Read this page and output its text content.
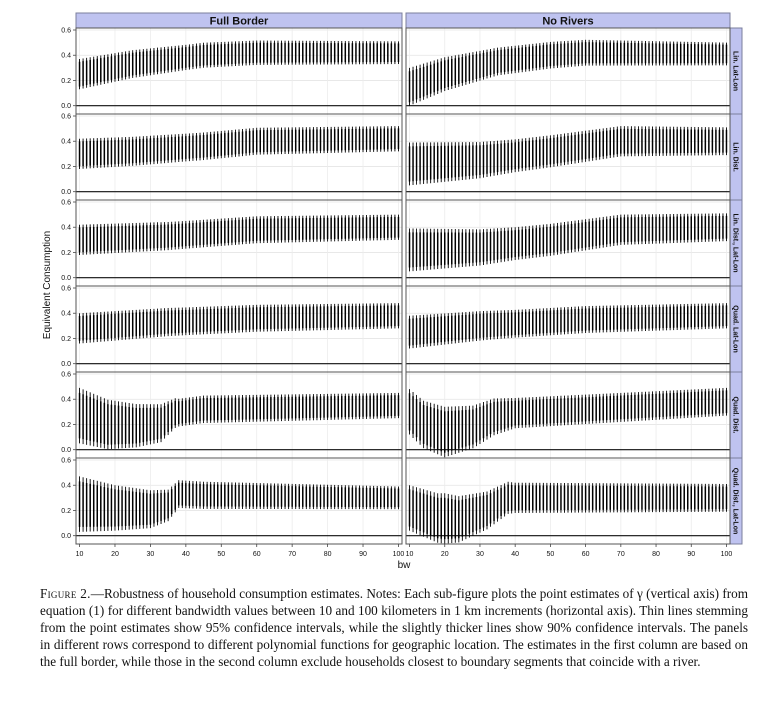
Equivalent Consumption
bw
Full Border	No Rivers
Lin. Lat-Lon
Lin. Dist.
Lin. Dist., Lat-Lon
Quad. Lat-Lon
Quad. Dist.
Quad. Dist., Lat-Lon
0.0
0.2
0.4
0.6
0.0
0.2
0.4
0.6
0.0
0.2
0.4
0.6
0.0
0.2
0.4
0.6
0.0
0.2
0.4
0.6
0.0
0.2
0.4
0.6
10	20	30	40	50	60	70	80	90	100 10	20	30	40	50	60	70	80	90	100
Figure 2.—Robustness of household consumption estimates. Notes: Each sub-figure plots the point estimates of γ (vertical axis) from equation (1) for different bandwidth values between 10 and 100 kilometers in 1 km increments (horizontal axis). Thin lines stemming from the point estimates show 95% confidence intervals, while the slightly thicker lines show 90% confidence intervals. The panels in different rows correspond to different polynomial functions for geographic location. The estimates in the first column are based on the full border, while those in the second column exclude households closest to boundary segments that coincide with a river.
